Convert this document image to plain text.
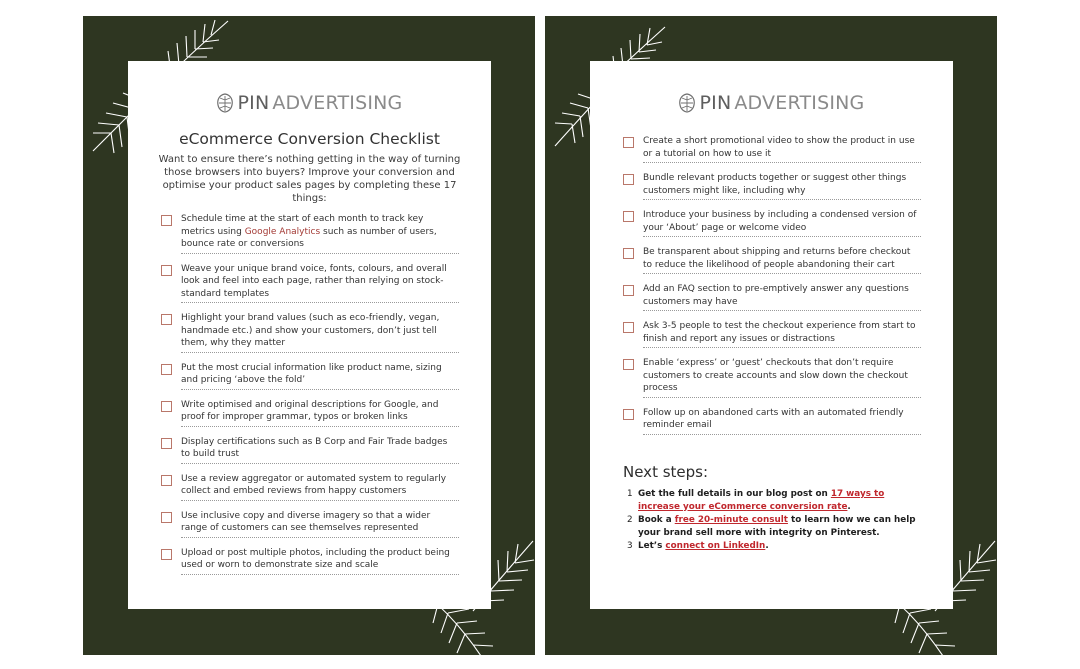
PIN ADVERTISING
eCommerce Conversion Checklist
Want to ensure there’s nothing getting in the way of turning those browsers into buyers? Improve your conversion and optimise your product sales pages by completing these 17 things:
Schedule time at the start of each month to track key metrics using Google Analytics such as number of users, bounce rate or conversions
Weave your unique brand voice, fonts, colours, and overall look and feel into each page, rather than relying on stock-standard templates
Highlight your brand values (such as eco-friendly, vegan, handmade etc.) and show your customers, don’t just tell them, why they matter
Put the most crucial information like product name, sizing and pricing ‘above the fold’
Write optimised and original descriptions for Google, and proof for improper grammar, typos or broken links
Display certifications such as B Corp and Fair Trade badges to build trust
Use a review aggregator or automated system to regularly collect and embed reviews from happy customers
Use inclusive copy and diverse imagery so that a wider range of customers can see themselves represented
Upload or post multiple photos, including the product being used or worn to demonstrate size and scale
PIN ADVERTISING
Create a short promotional video to show the product in use or a tutorial on how to use it
Bundle relevant products together or suggest other things customers might like, including why
Introduce your business by including a condensed version of your ‘About’ page or welcome video
Be transparent about shipping and returns before checkout to reduce the likelihood of people abandoning their cart
Add an FAQ section to pre-emptively answer any questions customers may have
Ask 3-5 people to test the checkout experience from start to finish and report any issues or distractions
Enable ‘express’ or ‘guest’ checkouts that don’t require customers to create accounts and slow down the checkout process
Follow up on abandoned carts with an automated friendly reminder email
Next steps:
1 Get the full details in our blog post on 17 ways to increase your eCommerce conversion rate.
2 Book a free 20-minute consult to learn how we can help your brand sell more with integrity on Pinterest.
3 Let’s connect on LinkedIn.
